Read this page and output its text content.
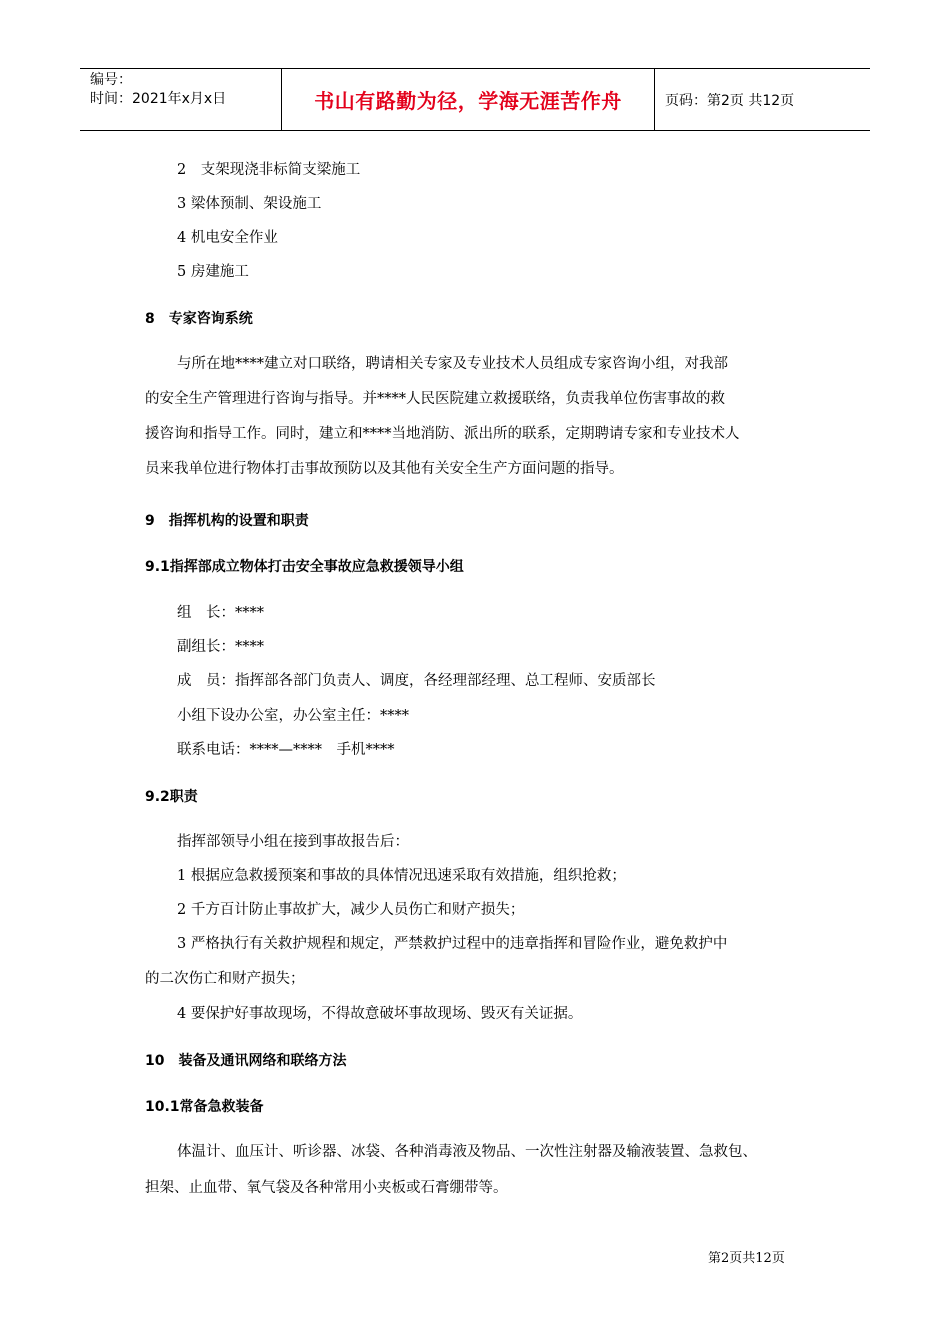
编号：
时间：2021年x月x日	书山有路勤为径，学海无涯苦作舟	页码：第2页 共12页
2　支架现浇非标简支梁施工
3 梁体预制、架设施工
4 机电安全作业
5 房建施工
8　专家咨询系统
与所在地****建立对口联络，聘请相关专家及专业技术人员组成专家咨询小组，对我部
的安全生产管理进行咨询与指导。并****人民医院建立救援联络，负责我单位伤害事故的救
援咨询和指导工作。同时，建立和****当地消防、派出所的联系，定期聘请专家和专业技术人
员来我单位进行物体打击事故预防以及其他有关安全生产方面问题的指导。
9　指挥机构的设置和职责
9.1指挥部成立物体打击安全事故应急救援领导小组
组　长：****
副组长：****
成　员：指挥部各部门负责人、调度，各经理部经理、总工程师、安质部长
小组下设办公室，办公室主任：****
联系电话：****—****　手机****
9.2职责
指挥部领导小组在接到事故报告后：
1 根据应急救援预案和事故的具体情况迅速采取有效措施，组织抢救；
2 千方百计防止事故扩大，减少人员伤亡和财产损失；
3 严格执行有关救护规程和规定，严禁救护过程中的违章指挥和冒险作业，避免救护中
的二次伤亡和财产损失；
4 要保护好事故现场，不得故意破坏事故现场、毁灭有关证据。
10　装备及通讯网络和联络方法
10.1常备急救装备
体温计、血压计、听诊器、冰袋、各种消毒液及物品、一次性注射器及输液装置、急救包、
担架、止血带、氧气袋及各种常用小夹板或石膏绷带等。
第2页共12页
